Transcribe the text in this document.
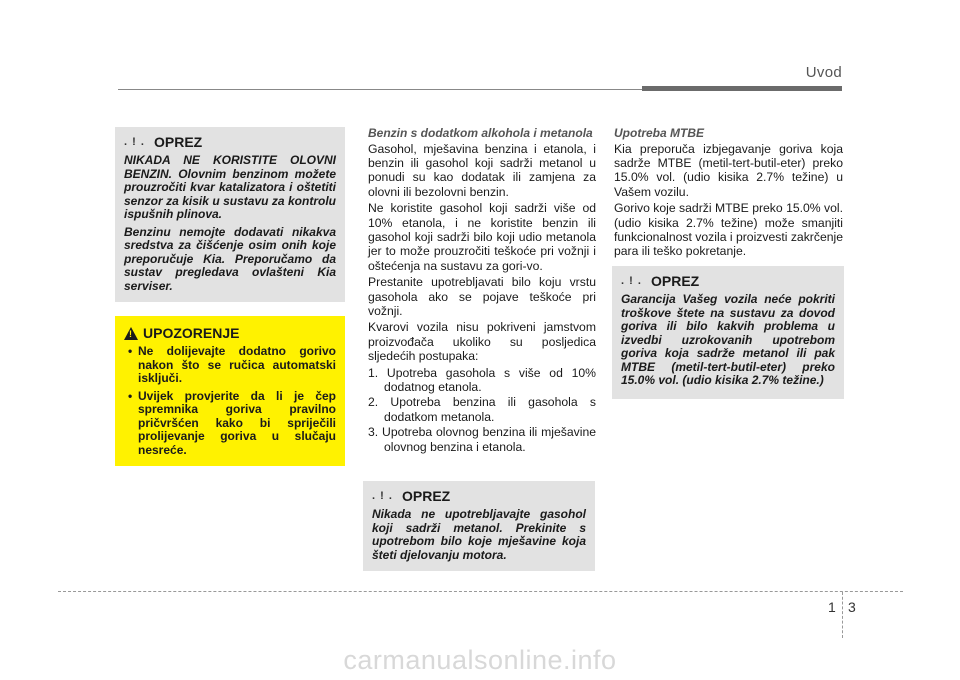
Uvod
. ! . OPREZ

NIKADA NE KORISTITE OLOVNI BENZIN. Olovnim benzinom možete prouzročiti kvar katalizatora i oštetiti senzor za kisik u sustavu za kontrolu ispušnih plinova.

Benzinu nemojte dodavati nikakva sredstva za čišćenje osim onih koje preporučuje Kia. Preporučamo da sustav pregledava ovlašteni Kia serviser.

!
UPOZORENJE
• Ne dolijevajte dodatno gorivo nakon što se ručica automatski isključi.
• Uvijek provjerite da li je čep spremnika goriva pravilno pričvršćen kako bi spriječili prolijevanje goriva u slučaju nesreće.
Benzin s dodatkom alkohola i metanola

Gasohol, mješavina benzina i etanola, i benzin ili gasohol koji sadrži metanol u ponudi su kao dodatak ili zamjena za olovni ili bezolovni benzin.

Ne koristite gasohol koji sadrži više od 10% etanola, i ne koristite benzin ili gasohol koji sadrži bilo koji udio metanola jer to može prouzročiti teškoće pri vožnji i oštećenja na sustavu za gori-vo.

Prestanite upotrebljavati bilo koju vrstu gasohola ako se pojave teškoće pri vožnji.

Kvarovi vozila nisu pokriveni jamstvom proizvođača ukoliko su posljedica sljedećih postupaka:

1. Upotreba gasohola s više od 10% dodatnog etanola.
2. Upotreba benzina ili gasohola s dodatkom metanola.
3. Upotreba olovnog benzina ili mješavine olovnog benzina i etanola.
. ! . OPREZ

Nikada ne upotrebljavajte gasohol koji sadrži metanol. Prekinite s upotrebom bilo koje mješavine koja šteti djelovanju motora.

Upotreba MTBE

Kia preporuča izbjegavanje goriva koja sadrže MTBE (metil-tert-butil-eter) preko 15.0% vol. (udio kisika 2.7% težine) u Vašem vozilu.

Gorivo koje sadrži MTBE preko 15.0% vol. (udio kisika 2.7% težine) može smanjiti funkcionalnost vozila i proizvesti zakrčenje para ili teško pokretanje.

. ! . OPREZ

Garancija Vašeg vozila neće pokriti troškove štete na sustavu za dovod goriva ili bilo kakvih problema u izvedbi uzrokovanih upotrebom goriva koja sadrže metanol ili pak MTBE (metil-tert-butil-eter) preko 15.0% vol. (udio kisika 2.7% težine.)

1 3
carmanualsonline.info
